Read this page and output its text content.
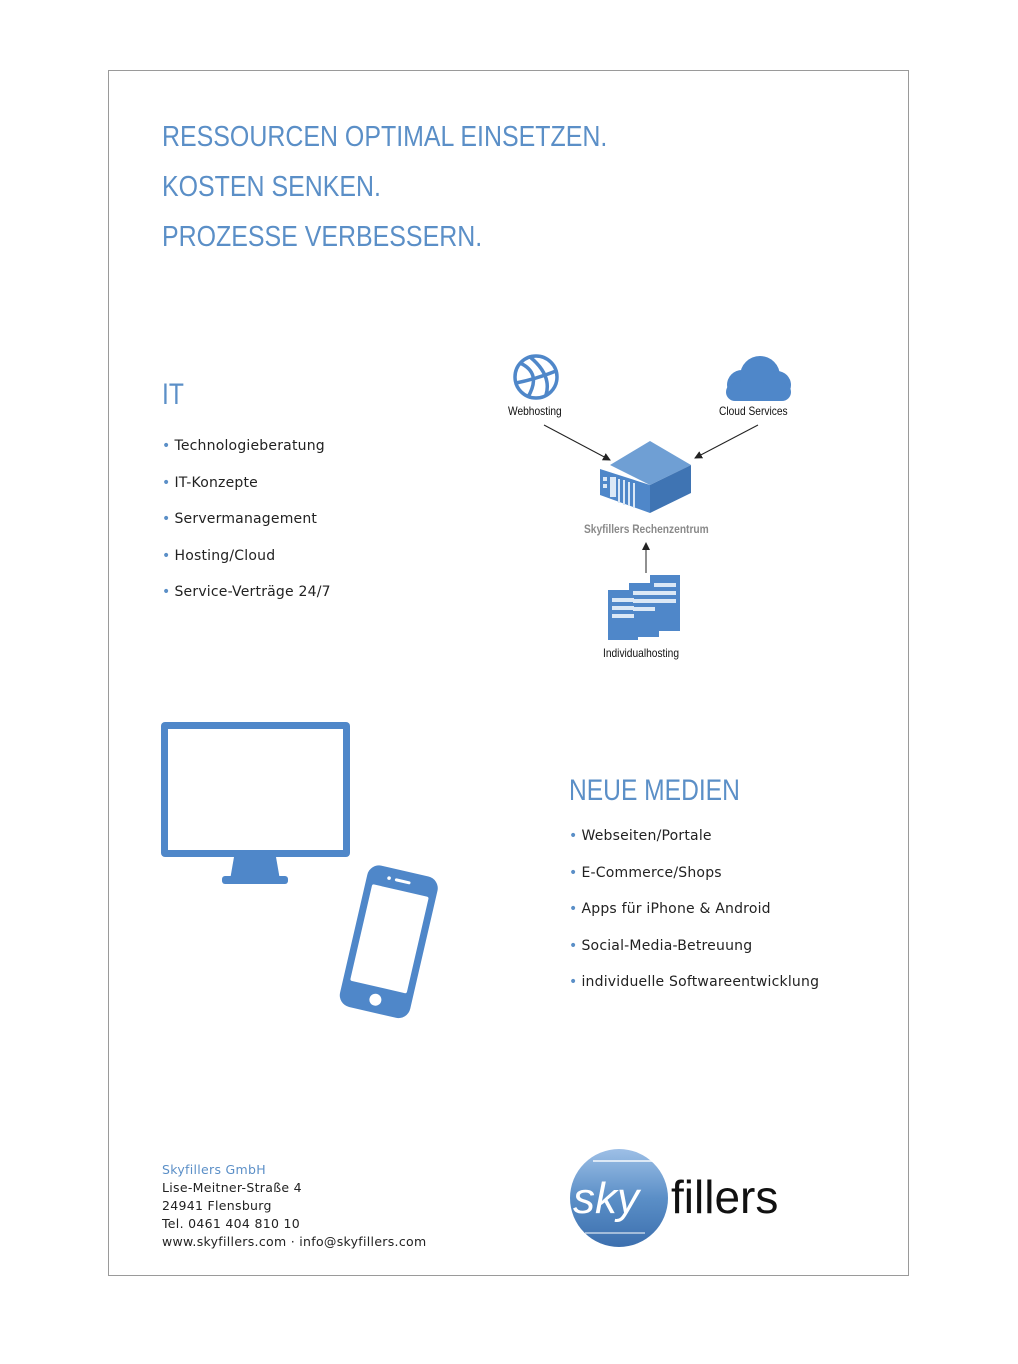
RESSOURCEN OPTIMAL EINSETZEN.
KOSTEN SENKEN.
PROZESSE VERBESSERN.
IT
• Technologieberatung
• IT-Konzepte
• Servermanagement
• Hosting/Cloud
• Service-Verträge 24/7
Webhosting	Cloud Services
Skyfillers Rechenzentrum
Individualhosting
NEUE MEDIEN
• Webseiten/Portale
• E-Commerce/Shops
• Apps für iPhone & Android
• Social-Media-Betreuung
• individuelle Softwareentwicklung
Skyfillers GmbH
Lise-Meitner-Straße 4
24941 Flensburg
Tel. 0461 404 810 10
www.skyfillers.com · info@skyfillers.com
sky fillers
